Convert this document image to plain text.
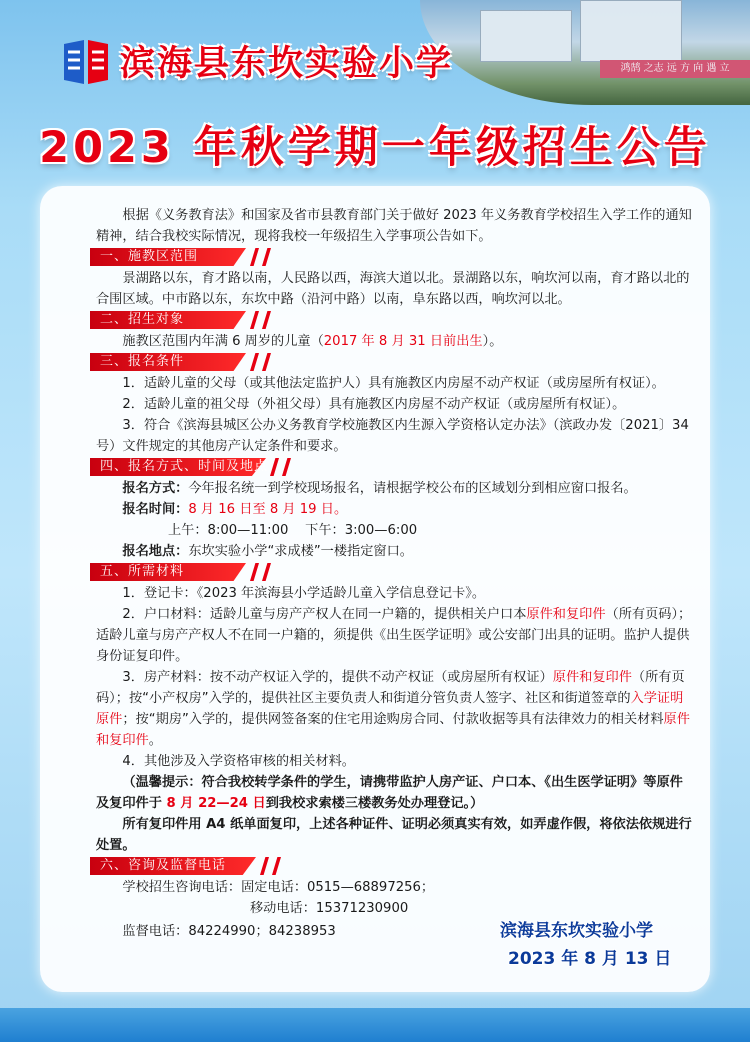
鸿鹄 之志 远 方 向 遇 立
滨海县东坎实验小学
2023 年秋学期一年级招生公告

根据《义务教育法》和国家及省市县教育部门关于做好 2023 年义务教育学校招生入学工作的通知精神，结合我校实际情况，现将我校一年级招生入学事项公告如下。

一、施教区范围

景湖路以东，育才路以南，人民路以西，海滨大道以北。景湖路以东，响坎河以南，育才路以北的合围区域。中市路以东，东坎中路（沿河中路）以南，阜东路以西，响坎河以北。

二、招生对象

施教区范围内年满 6 周岁的儿童（2017 年 8 月 31 日前出生）。

三、报名条件

1．适龄儿童的父母（或其他法定监护人）具有施教区内房屋不动产权证（或房屋所有权证）。

2．适龄儿童的祖父母（外祖父母）具有施教区内房屋不动产权证（或房屋所有权证）。

3．符合《滨海县城区公办义务教育学校施教区内生源入学资格认定办法》（滨政办发〔2021〕34 号）文件规定的其他房产认定条件和要求。

四、报名方式、时间及地点

报名方式：今年报名统一到学校现场报名，请根据学校公布的区域划分到相应窗口报名。

报名时间：8 月 16 日至 8 月 19 日。

上午：8:00—11:00    下午：3:00—6:00

报名地点：东坎实验小学“求成楼”一楼指定窗口。

五、所需材料

1．登记卡：《2023 年滨海县小学适龄儿童入学信息登记卡》。

2．户口材料：适龄儿童与房产产权人在同一户籍的，提供相关户口本原件和复印件（所有页码）；适龄儿童与房产产权人不在同一户籍的，须提供《出生医学证明》或公安部门出具的证明。监护人提供身份证复印件。

3．房产材料：按不动产权证入学的，提供不动产权证（或房屋所有权证）原件和复印件（所有页码）；按“小产权房”入学的，提供社区主要负责人和街道分管负责人签字、社区和街道签章的入学证明原件；按“期房”入学的，提供网签备案的住宅用途购房合同、付款收据等具有法律效力的相关材料原件和复印件。

4．其他涉及入学资格审核的相关材料。

（温馨提示：符合我校转学条件的学生，请携带监护人房产证、户口本、《出生医学证明》等原件及复印件于 8 月 22—24 日到我校求索楼三楼教务处办理登记。）

所有复印件用 A4 纸单面复印，上述各种证件、证明必须真实有效，如弄虚作假，将依法依规进行处置。

六、咨询及监督电话

学校招生咨询电话：固定电话：0515—68897256；

移动电话：15371230900

监督电话：84224990；84238953	滨海县东坎实验小学
2023 年 8 月 13 日
